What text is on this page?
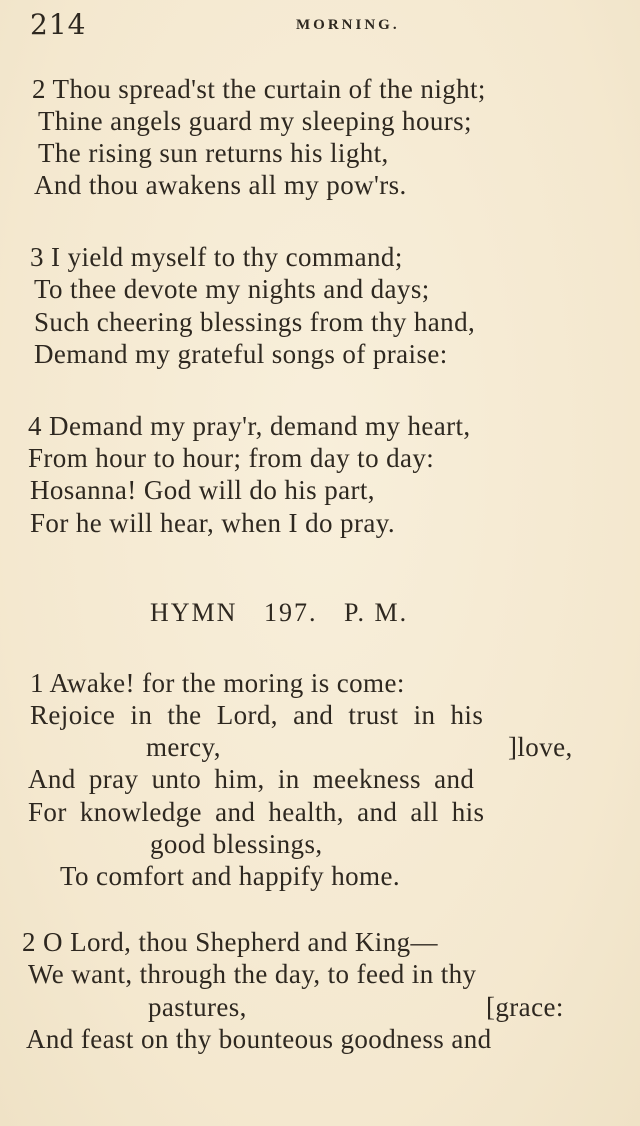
214	MORNING.
2 Thou spread'st the curtain of the night;
Thine angels guard my sleeping hours;
The rising sun returns his light,
And thou awakens all my pow'rs.
3 I yield myself to thy command;
To thee devote my nights and days;
Such cheering blessings from thy hand,
Demand my grateful songs of praise:
4 Demand my pray'r, demand my heart,
From hour to hour; from day to day:
Hosanna! God will do his part,
For he will hear, when I do pray.
HYMN 197. P. M.
1 Awake! for the moring is come:
Rejoice in the Lord, and trust in his
mercy,	]love,
And pray unto him, in meekness and
For knowledge and health, and all his
good blessings,
To comfort and happify home.
2 O Lord, thou Shepherd and King—
We want, through the day, to feed in thy
pastures,	[grace:
And feast on thy bounteous goodness and
